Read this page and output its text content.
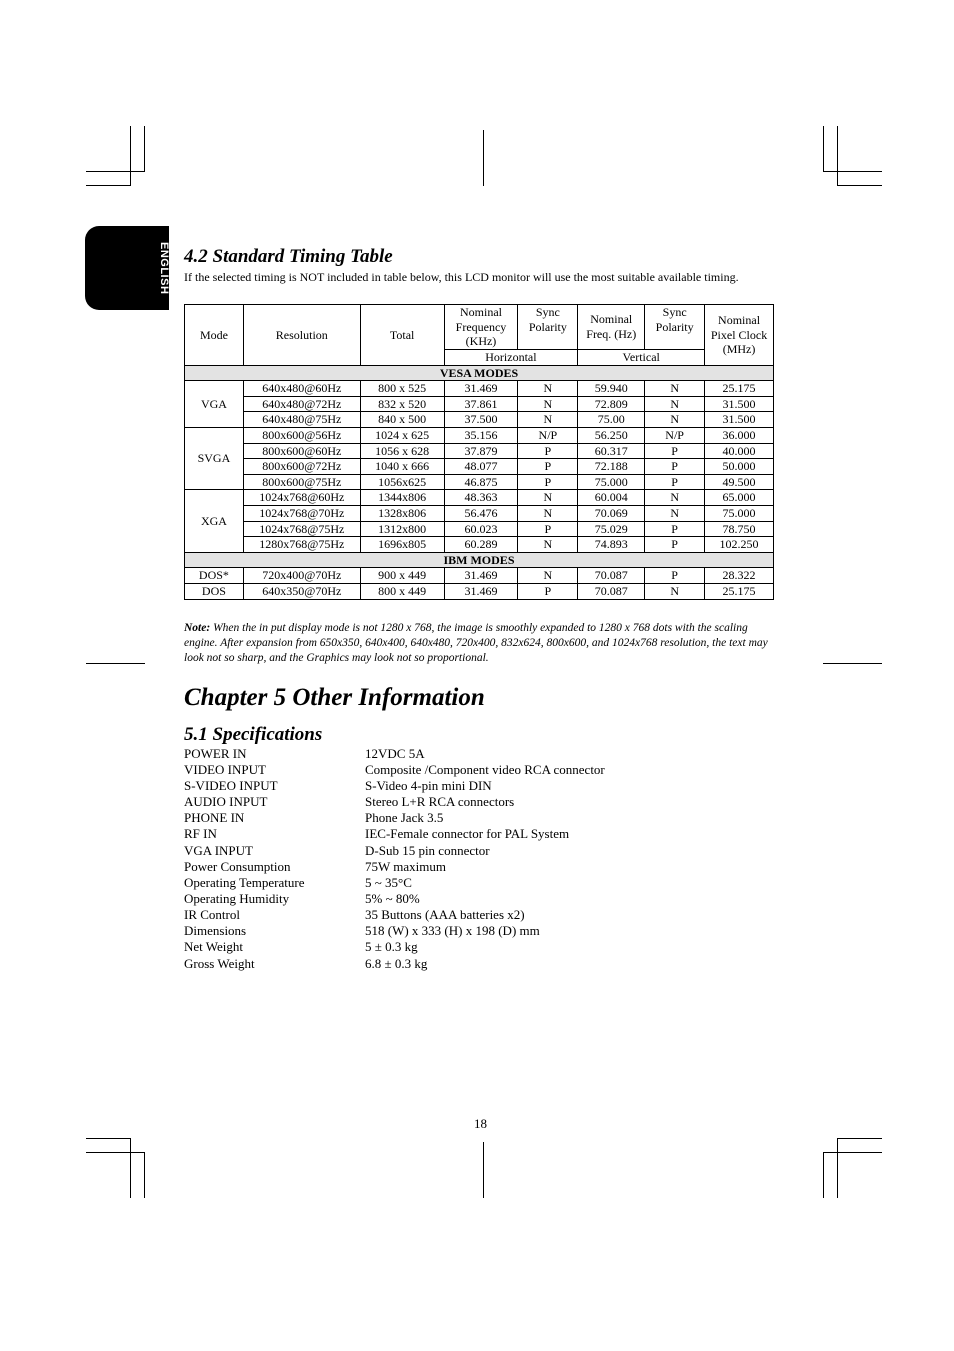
ENGLISH 4.2 Standard Timing Table
If the selected timing is NOT included in table below, this LCD monitor will use the most suitable available timing.
Mode	Resolution	Total	Nominal Frequency (KHz)	Sync Polarity	Nominal Freq. (Hz)	Sync Polarity	Nominal Pixel Clock (MHz)
			Horizontal		Vertical		
VESA MODES							
VGA	640x480@60Hz	800 x 525	31.469	N	59.940	N	25.175
	640x480@72Hz	832 x 520	37.861	N	72.809	N	31.500
	640x480@75Hz	840 x 500	37.500	N	75.00	N	31.500
SVGA	800x600@56Hz	1024 x 625	35.156	N/P	56.250	N/P	36.000
	800x600@60Hz	1056 x 628	37.879	P	60.317	P	40.000
	800x600@72Hz	1040 x 666	48.077	P	72.188	P	50.000
	800x600@75Hz	1056x625	46.875	P	75.000	P	49.500
XGA	1024x768@60Hz	1344x806	48.363	N	60.004	N	65.000
	1024x768@70Hz	1328x806	56.476	N	70.069	N	75.000
	1024x768@75Hz	1312x800	60.023	P	75.029	P	78.750
	1280x768@75Hz	1696x805	60.289	N	74.893	P	102.250
IBM MODES							
DOS*	720x400@70Hz	900 x 449	31.469	N	70.087	P	28.322
DOS	640x350@70Hz	800 x 449	31.469	P	70.087	N	25.175
Note: When the in put display mode is not 1280 x 768, the image is smoothly expanded to 1280 x 768 dots with the scaling engine. After expansion from 650x350, 640x400, 640x480, 720x400, 832x624, 800x600, and 1024x768 resolution, the text may look not so sharp, and the Graphics may look not so proportional.
Chapter 5 Other Information
5.1 Specifications
POWER IN	12VDC 5A
VIDEO INPUT	Composite /Component video RCA connector
S-VIDEO INPUT	S-Video 4-pin mini DIN
AUDIO INPUT	Stereo L+R RCA connectors
PHONE IN	Phone Jack 3.5
RF IN	IEC-Female connector for PAL System
VGA INPUT	D-Sub 15 pin connector
Power Consumption	75W maximum
Operating Temperature	5 ~ 35°C
Operating Humidity	5% ~ 80%
IR Control	35 Buttons (AAA batteries x2)
Dimensions	518 (W) x 333 (H) x 198 (D) mm
Net Weight	5 ± 0.3 kg
Gross Weight	6.8 ± 0.3 kg
18
